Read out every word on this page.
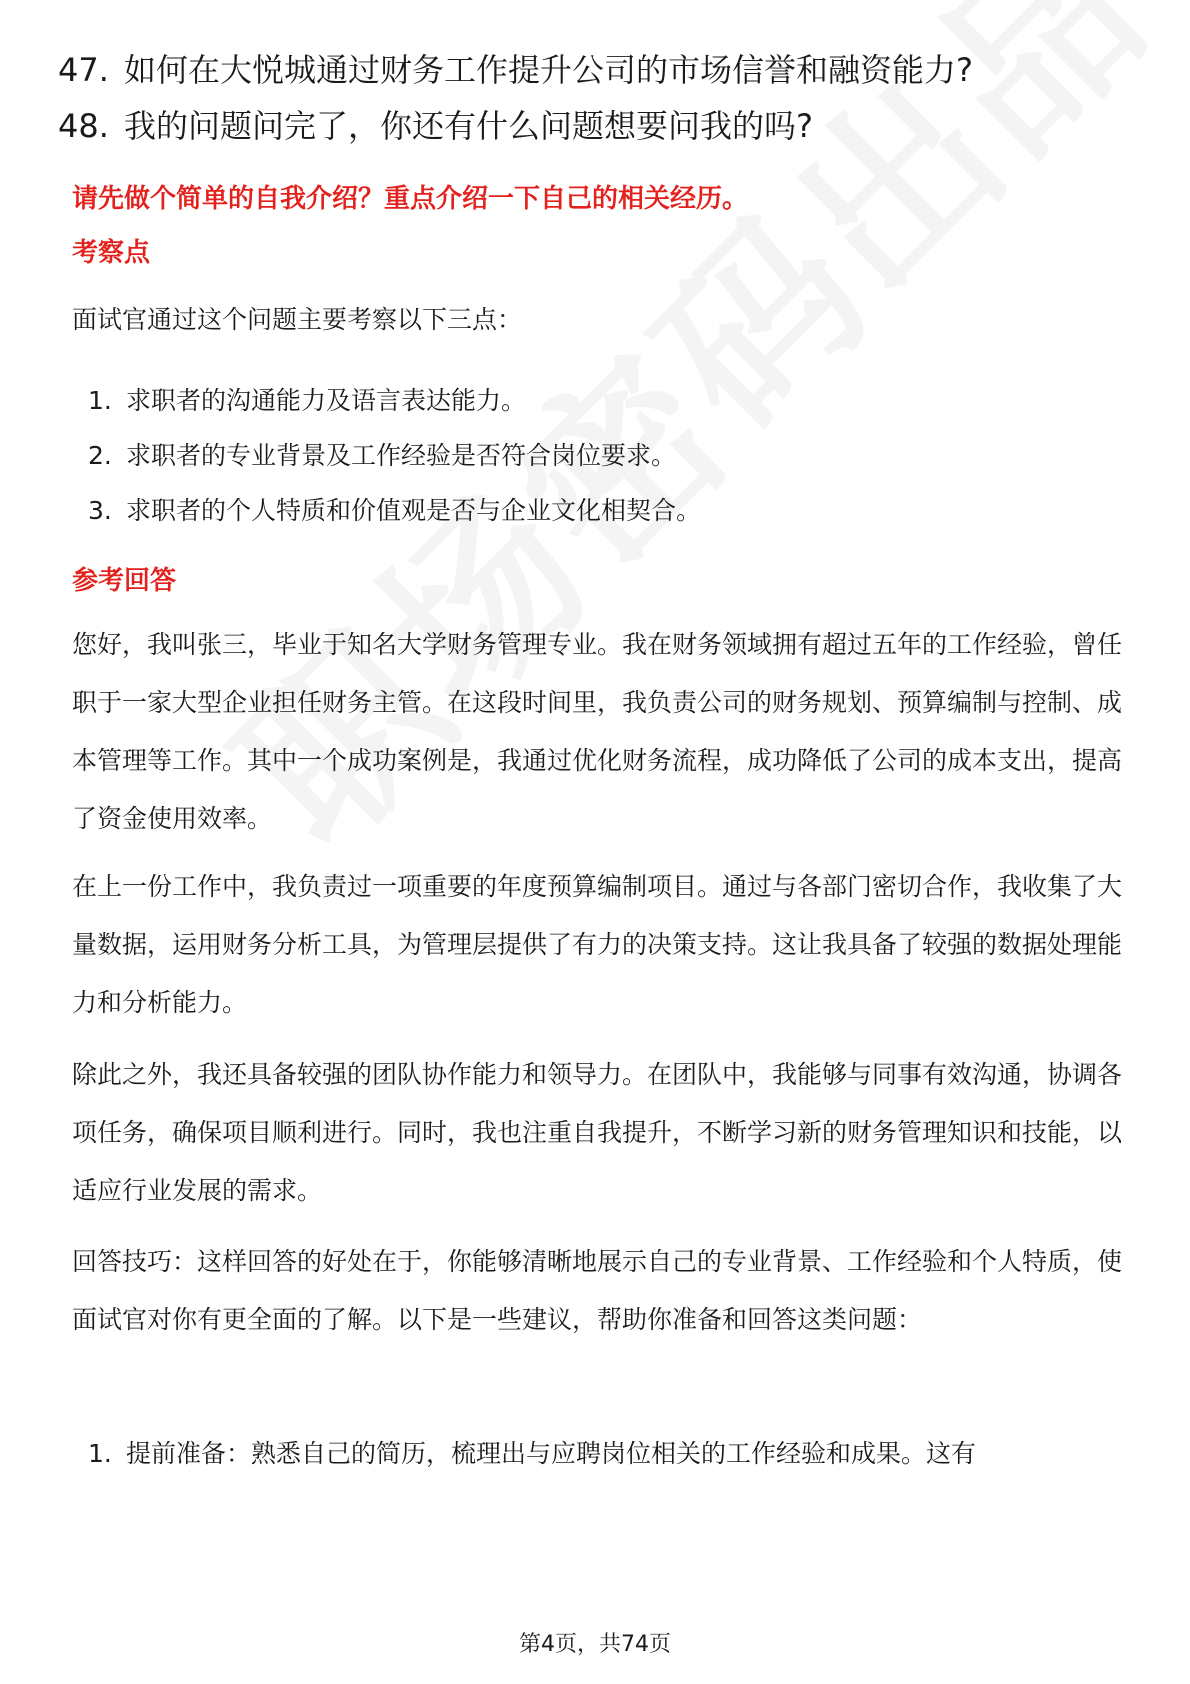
47. 如何在大悦城通过财务工作提升公司的市场信誉和融资能力?
48. 我的问题问完了，你还有什么问题想要问我的吗?
请先做个简单的自我介绍？重点介绍一下自己的相关经历。
考察点
面试官通过这个问题主要考察以下三点：
1. 求职者的沟通能力及语言表达能力。
2. 求职者的专业背景及工作经验是否符合岗位要求。
3. 求职者的个人特质和价值观是否与企业文化相契合。
参考回答
您好，我叫张三，毕业于知名大学财务管理专业。我在财务领域拥有超过五年的工作经验，曾任职于一家大型企业担任财务主管。在这段时间里，我负责公司的财务规划、预算编制与控制、成本管理等工作。其中一个成功案例是，我通过优化财务流程，成功降低了公司的成本支出，提高了资金使用效率。
在上一份工作中，我负责过一项重要的年度预算编制项目。通过与各部门密切合作，我收集了大量数据，运用财务分析工具，为管理层提供了有力的决策支持。这让我具备了较强的数据处理能力和分析能力。
除此之外，我还具备较强的团队协作能力和领导力。在团队中，我能够与同事有效沟通，协调各项任务，确保项目顺利进行。同时，我也注重自我提升，不断学习新的财务管理知识和技能，以适应行业发展的需求。
回答技巧：这样回答的好处在于，你能够清晰地展示自己的专业背景、工作经验和个人特质，使面试官对你有更全面的了解。以下是一些建议，帮助你准备和回答这类问题：
1. 提前准备：熟悉自己的简历，梳理出与应聘岗位相关的工作经验和成果。这有
第4页，共74页
